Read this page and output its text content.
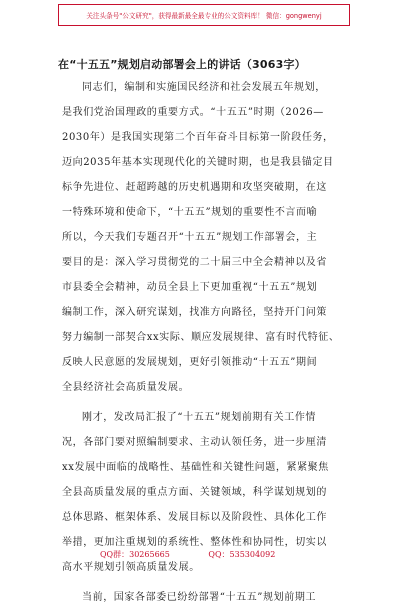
关注头条号"公文研究"，获得最新最全最专业的公文资料库！ 微信：gongwenyj
在“十五五”规划启动部署会上的讲话（3063字）
同志们，编制和实施国民经济和社会发展五年规划，
是我们党治国理政的重要方式。“十五五”时期（2026—
2030年）是我国实现第二个百年奋斗目标第一阶段任务，
迈向2035年基本实现现代化的关键时期，也是我县锚定目
标争先进位、赶超跨越的历史机遇期和攻坚突破期，在这
一特殊环境和使命下，“十五五”规划的重要性不言而喻
所以，今天我们专题召开“十五五”规划工作部署会，主
要目的是：深入学习贯彻党的二十届三中全会精神以及省
市县委全会精神，动员全县上下更加重视“十五五”规划
编制工作，深入研究谋划，找准方向路径，坚持开门问策
努力编制一部契合xx实际、顺应发展规律、富有时代特征、
反映人民意愿的发展规划，更好引领推动“十五五”期间
全县经济社会高质量发展。
刚才，发改局汇报了“十五五”规划前期有关工作情
况，各部门要对照编制要求、主动认领任务，进一步厘清
xx发展中面临的战略性、基础性和关键性问题，紧紧聚焦
全县高质量发展的重点方面、关键领域，科学谋划规划的
总体思路、框架体系、发展目标以及阶段性、具体化工作
举措，更加注重规划的系统性、整体性和协同性，切实以
高水平规划引领高质量发展。
当前，国家各部委已纷纷部署“十五五”规划前期工
QQ群：30265665	QQ：535304092
